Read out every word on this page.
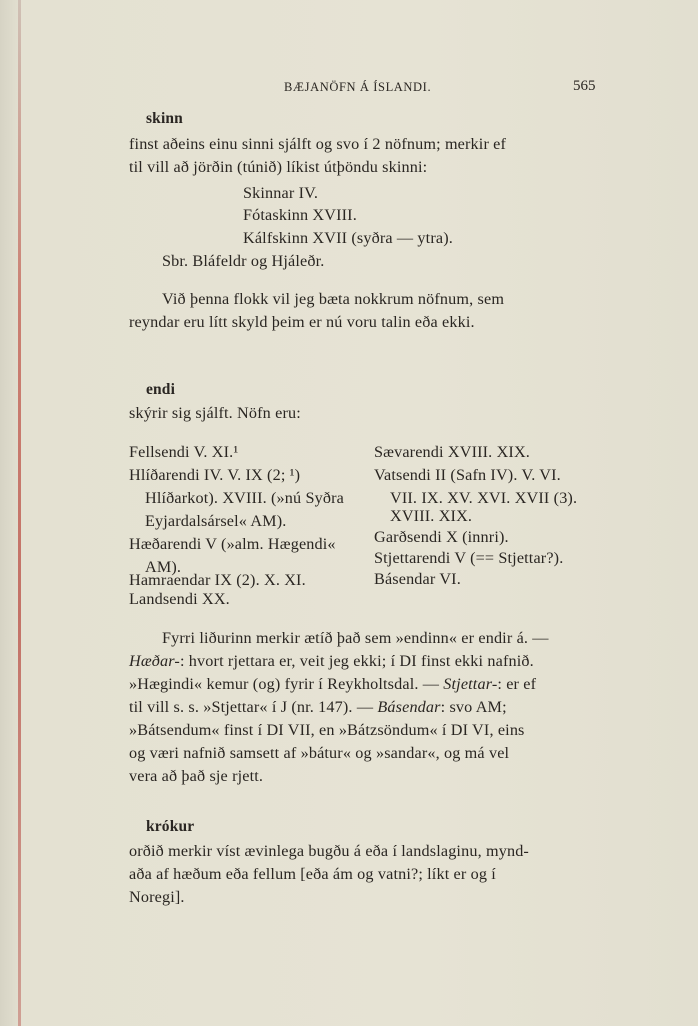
BÆJANÖFN Á ÍSLANDI.	565
skinn
finst aðeins einu sinni sjálft og svo í 2 nöfnum; merkir ef
til vill að jörðin (túnið) líkist útþöndu skinni:
Skinnar IV.
Fótaskinn XVIII.
Kálfskinn XVII (syðra — ytra).
Sbr. Bláfeldr og Hjáleðr.
Við þenna flokk vil jeg bæta nokkrum nöfnum, sem
reyndar eru lítt skyld þeim er nú voru talin eða ekki.
endi
skýrir sig sjálft. Nöfn eru:
Fellsendi V. XI.¹
Hlíðarendi IV. V. IX (2; ¹)
Hlíðarkot). XVIII. (»nú Syðra
Eyjardalsársel« AM).
Hæðarendi V (»alm. Hægendi«
AM).
Hamraendar IX (2). X. XI.
Landsendi XX.
Sævarendi XVIII. XIX.
Vatsendi II (Safn IV). V. VI.
VII. IX. XV. XVI. XVII (3).
XVIII. XIX.
Garðsendi X (innri).
Stjettarendi V (== Stjettar?).
Básendar VI.
Fyrri liðurinn merkir ætíð það sem »endinn« er endir á. —
Hæðar-: hvort rjettara er, veit jeg ekki; í DI finst ekki nafnið.
»Hægindi« kemur (og) fyrir í Reykholtsdal. — Stjettar-: er ef
til vill s. s. »Stjettar« í J (nr. 147). — Básendar: svo AM;
»Bátsendum« finst í DI VII, en »Bátzsöndum« í DI VI, eins
og væri nafnið samsett af »bátur« og »sandar«, og má vel
vera að það sje rjett.
krókur
orðið merkir víst ævinlega bugðu á eða í landslaginu, mynd-
aða af hæðum eða fellum [eða ám og vatni?; líkt er og í
Noregi].
